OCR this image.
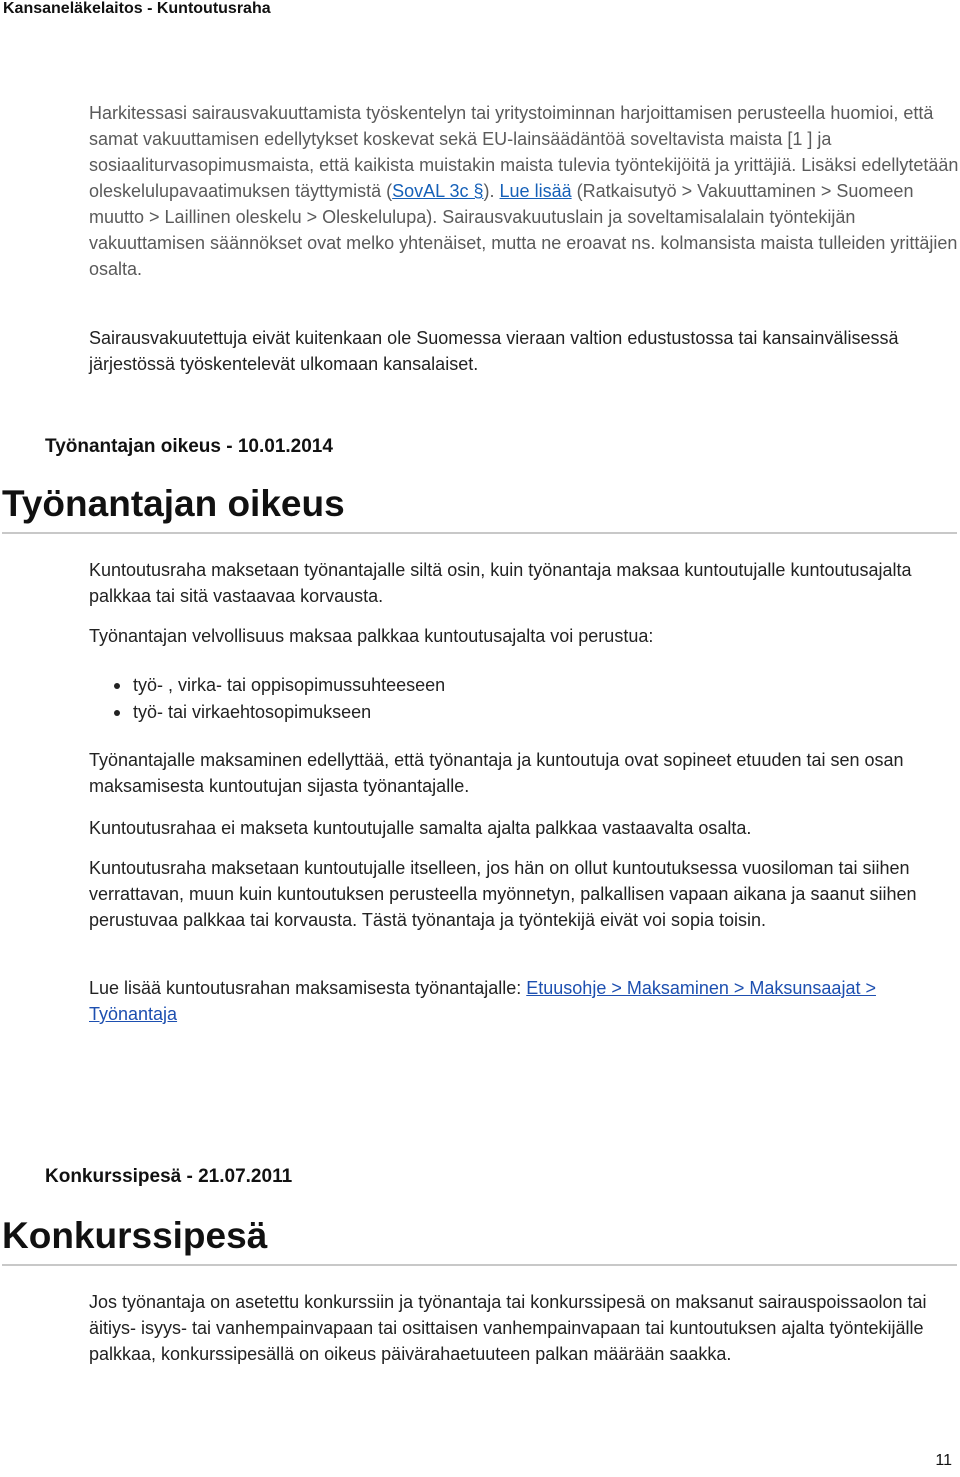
Kansaneläkelaitos - Kuntoutusraha

Harkitessasi sairausvakuuttamista työskentelyn tai yritystoiminnan harjoittamisen perusteella huomioi, että samat vakuuttamisen edellytykset koskevat sekä EU-lainsäädäntöä soveltavista maista [1 ] ja sosiaaliturvasopimusmaista, että kaikista muistakin maista tulevia työntekijöitä ja yrittäjiä. Lisäksi edellytetään oleskelulupavaatimuksen täyttymistä (SovAL 3c §). Lue lisää (Ratkaisutyö > Vakuuttaminen > Suomeen muutto > Laillinen oleskelu > Oleskelulupa). Sairausvakuutuslain ja soveltamisalalain työntekijän vakuuttamisen säännökset ovat melko yhtenäiset, mutta ne eroavat ns. kolmansista maista tulleiden yrittäjien osalta.

Sairausvakuutettuja eivät kuitenkaan ole Suomessa vieraan valtion edustustossa tai kansainvälisessä järjestössä työskentelevät ulkomaan kansalaiset.

Työnantajan oikeus - 10.01.2014

Työnantajan oikeus

Kuntoutusraha maksetaan työnantajalle siltä osin, kuin työnantaja maksaa kuntoutujalle kuntoutusajalta palkkaa tai sitä vastaavaa korvausta.

Työnantajan velvollisuus maksaa palkkaa kuntoutusajalta voi perustua:

työ- , virka- tai oppisopimussuhteeseen
työ- tai virkaehtosopimukseen

Työnantajalle maksaminen edellyttää, että työnantaja ja kuntoutuja ovat sopineet etuuden tai sen osan maksamisesta kuntoutujan sijasta työnantajalle.

Kuntoutusrahaa ei makseta kuntoutujalle samalta ajalta palkkaa vastaavalta osalta.

Kuntoutusraha maksetaan kuntoutujalle itselleen, jos hän on ollut kuntoutuksessa vuosiloman tai siihen verrattavan, muun kuin kuntoutuksen perusteella myönnetyn, palkallisen vapaan aikana ja saanut siihen perustuvaa palkkaa tai korvausta. Tästä työnantaja ja työntekijä eivät voi sopia toisin.

Lue lisää kuntoutusrahan maksamisesta työnantajalle: Etuusohje > Maksaminen > Maksunsaajat > Työnantaja

Konkurssipesä - 21.07.2011

Konkurssipesä

Jos työnantaja on asetettu konkurssiin ja työnantaja tai konkurssipesä on maksanut sairauspoissaolon tai äitiys- isyys- tai vanhempainvapaan tai osittaisen vanhempainvapaan tai kuntoutuksen ajalta työntekijälle palkkaa, konkurssipesällä on oikeus päivärahaetuuteen palkan määrään saakka.

11
